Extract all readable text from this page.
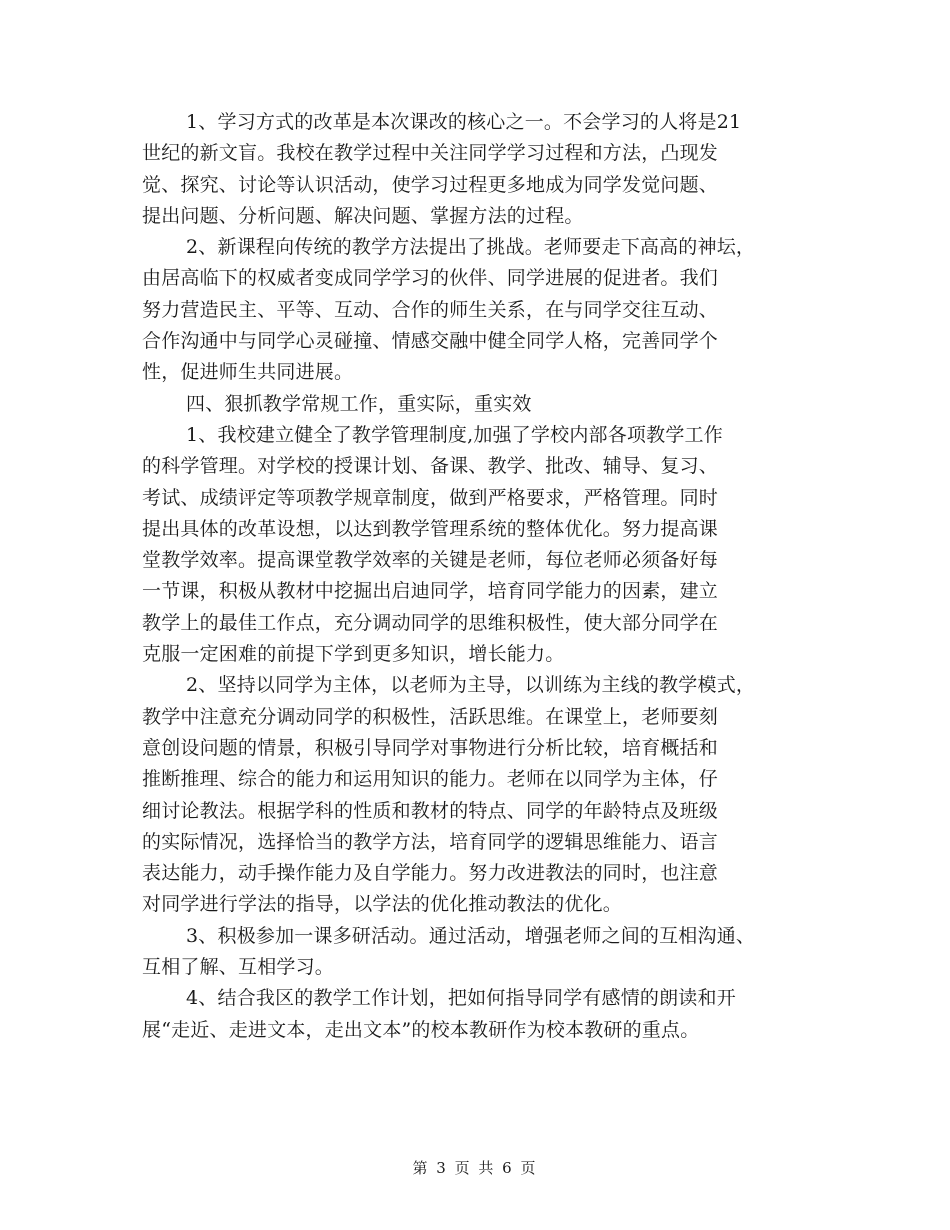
1、学习方式的改革是本次课改的核心之一。不会学习的人将是21
世纪的新文盲。我校在教学过程中关注同学学习过程和方法，凸现发
觉、探究、讨论等认识活动，使学习过程更多地成为同学发觉问题、
提出问题、分析问题、解决问题、掌握方法的过程。
2、新课程向传统的教学方法提出了挑战。老师要走下高高的神坛，
由居高临下的权威者变成同学学习的伙伴、同学进展的促进者。我们
努力营造民主、平等、互动、合作的师生关系，在与同学交往互动、
合作沟通中与同学心灵碰撞、情感交融中健全同学人格，完善同学个
性，促进师生共同进展。
四、狠抓教学常规工作，重实际，重实效
1、我校建立健全了教学管理制度,加强了学校内部各项教学工作
的科学管理。对学校的授课计划、备课、教学、批改、辅导、复习、
考试、成绩评定等项教学规章制度，做到严格要求，严格管理。同时
提出具体的改革设想，以达到教学管理系统的整体优化。努力提高课
堂教学效率。提高课堂教学效率的关键是老师，每位老师必须备好每
一节课，积极从教材中挖掘出启迪同学，培育同学能力的因素，建立
教学上的最佳工作点，充分调动同学的思维积极性，使大部分同学在
克服一定困难的前提下学到更多知识，增长能力。
2、坚持以同学为主体，以老师为主导，以训练为主线的教学模式，
教学中注意充分调动同学的积极性，活跃思维。在课堂上，老师要刻
意创设问题的情景，积极引导同学对事物进行分析比较，培育概括和
推断推理、综合的能力和运用知识的能力。老师在以同学为主体，仔
细讨论教法。根据学科的性质和教材的特点、同学的年龄特点及班级
的实际情况，选择恰当的教学方法，培育同学的逻辑思维能力、语言
表达能力，动手操作能力及自学能力。努力改进教法的同时，也注意
对同学进行学法的指导，以学法的优化推动教法的优化。
3、积极参加一课多研活动。通过活动，增强老师之间的互相沟通、
互相了解、互相学习。
4、结合我区的教学工作计划，把如何指导同学有感情的朗读和开
展“走近、走进文本，走出文本”的校本教研作为校本教研的重点。
第 3 页 共 6 页
